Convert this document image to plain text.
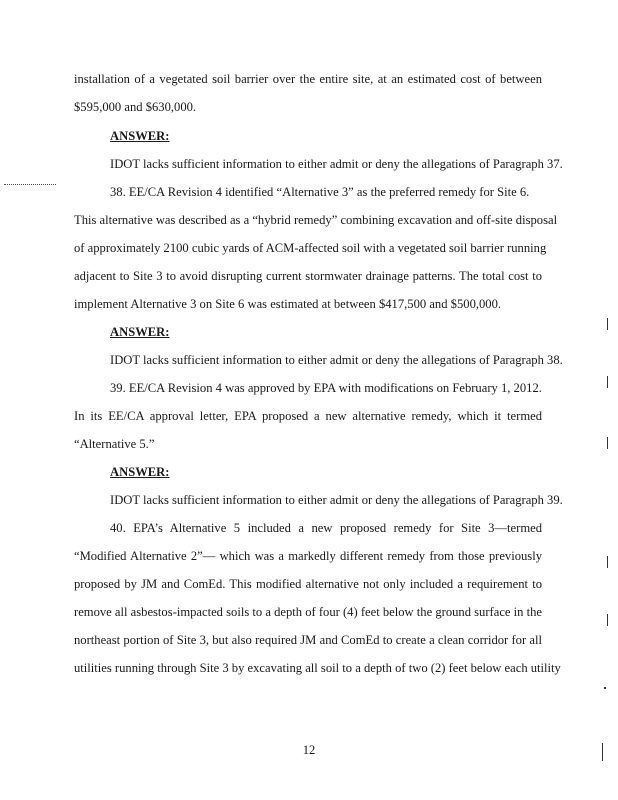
installation of a vegetated soil barrier over the entire site, at an estimated cost of between
$595,000 and $630,000.
ANSWER:
IDOT lacks sufficient information to either admit or deny the allegations of Paragraph 37.
38. EE/CA Revision 4 identified “Alternative 3” as the preferred remedy for Site 6.
This alternative was described as a “hybrid remedy” combining excavation and off-site disposal
of approximately 2100 cubic yards of ACM-affected soil with a vegetated soil barrier running
adjacent to Site 3 to avoid disrupting current stormwater drainage patterns. The total cost to
implement Alternative 3 on Site 6 was estimated at between $417,500 and $500,000.
ANSWER:
IDOT lacks sufficient information to either admit or deny the allegations of Paragraph 38.
39. EE/CA Revision 4 was approved by EPA with modifications on February 1, 2012.
In its EE/CA approval letter, EPA proposed a new alternative remedy, which it termed
“Alternative 5.”
ANSWER:
IDOT lacks sufficient information to either admit or deny the allegations of Paragraph 39.
40. EPA’s Alternative 5 included a new proposed remedy for Site 3—termed
“Modified Alternative 2”— which was a markedly different remedy from those previously
proposed by JM and ComEd. This modified alternative not only included a requirement to
remove all asbestos-impacted soils to a depth of four (4) feet below the ground surface in the
northeast portion of Site 3, but also required JM and ComEd to create a clean corridor for all
utilities running through Site 3 by excavating all soil to a depth of two (2) feet below each utility
12
